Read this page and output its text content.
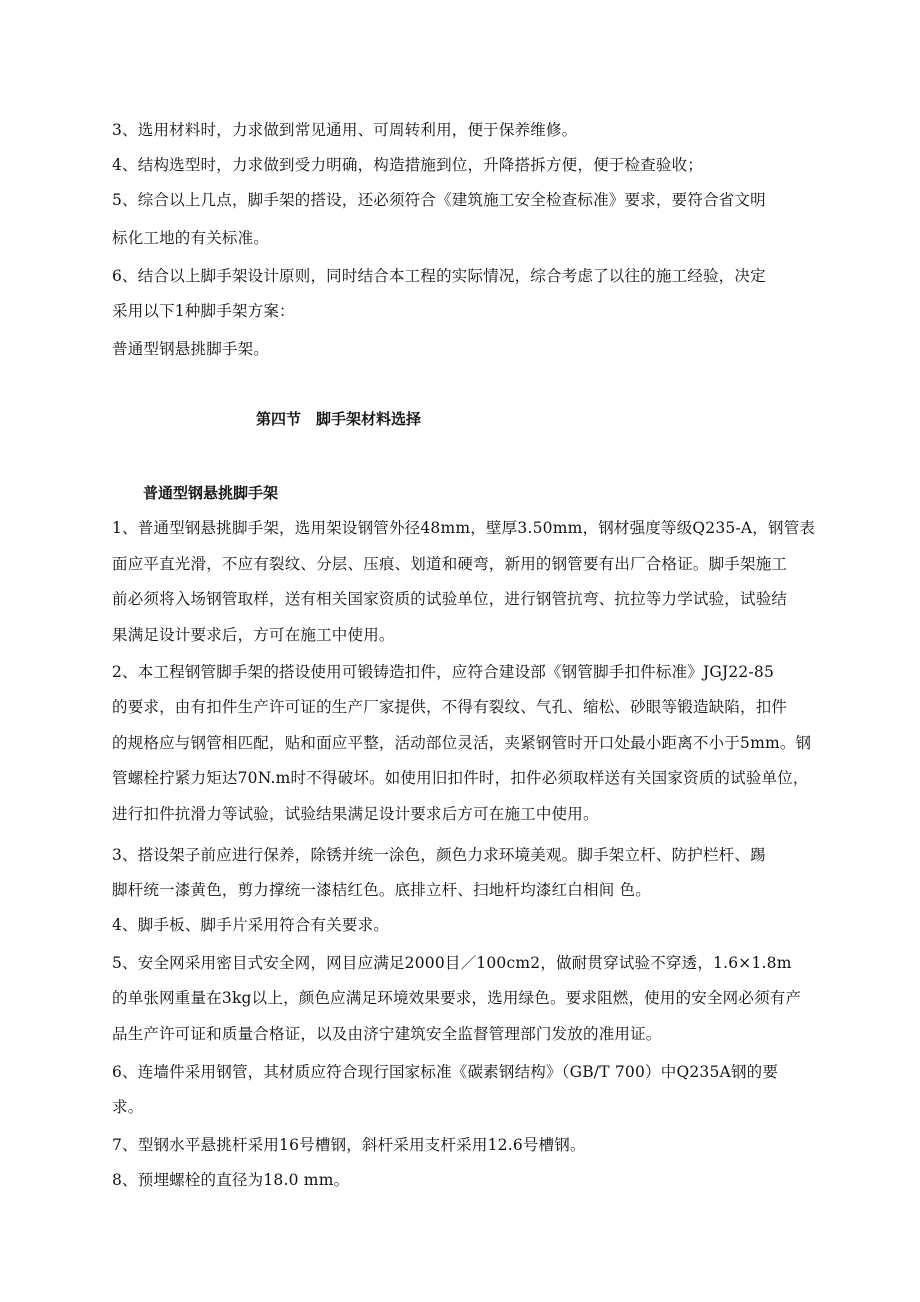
3、选用材料时，力求做到常见通用、可周转利用，便于保养维修。
4、结构选型时，力求做到受力明确，构造措施到位，升降搭拆方便，便于检查验收；
5、综合以上几点，脚手架的搭设，还必须符合《建筑施工安全检查标准》要求，要符合省文明
标化工地的有关标准。
6、结合以上脚手架设计原则，同时结合本工程的实际情况，综合考虑了以往的施工经验，决定
采用以下1种脚手架方案：
普通型钢悬挑脚手架。
第四节　脚手架材料选择
普通型钢悬挑脚手架
1、普通型钢悬挑脚手架，选用架设钢管外径48mm，壁厚3.50mm，钢材强度等级Q235-A，钢管表
面应平直光滑，不应有裂纹、分层、压痕、划道和硬弯，新用的钢管要有出厂合格证。脚手架施工
前必须将入场钢管取样，送有相关国家资质的试验单位，进行钢管抗弯、抗拉等力学试验，试验结
果满足设计要求后，方可在施工中使用。
2、本工程钢管脚手架的搭设使用可锻铸造扣件，应符合建设部《钢管脚手扣件标准》JGJ22-85
的要求，由有扣件生产许可证的生产厂家提供，不得有裂纹、气孔、缩松、砂眼等锻造缺陷，扣件
的规格应与钢管相匹配，贴和面应平整，活动部位灵活，夹紧钢管时开口处最小距离不小于5mm。钢
管螺栓拧紧力矩达70N.m时不得破坏。如使用旧扣件时，扣件必须取样送有关国家资质的试验单位，
进行扣件抗滑力等试验，试验结果满足设计要求后方可在施工中使用。
3、搭设架子前应进行保养，除锈并统一涂色，颜色力求环境美观。脚手架立杆、防护栏杆、踢
脚杆统一漆黄色，剪力撑统一漆桔红色。底排立杆、扫地杆均漆红白相间 色。
4、脚手板、脚手片采用符合有关要求。
5、安全网采用密目式安全网，网目应满足2000目／100cm2，做耐贯穿试验不穿透，1.6×1.8m
的单张网重量在3kg以上，颜色应满足环境效果要求，选用绿色。要求阻燃，使用的安全网必须有产
品生产许可证和质量合格证，以及由济宁建筑安全监督管理部门发放的准用证。
6、连墙件采用钢管，其材质应符合现行国家标准《碳素钢结构》（GB/T 700）中Q235A钢的要
求。
7、型钢水平悬挑杆采用16号槽钢，斜杆采用支杆采用12.6号槽钢。
8、预埋螺栓的直径为18.0 mm。
